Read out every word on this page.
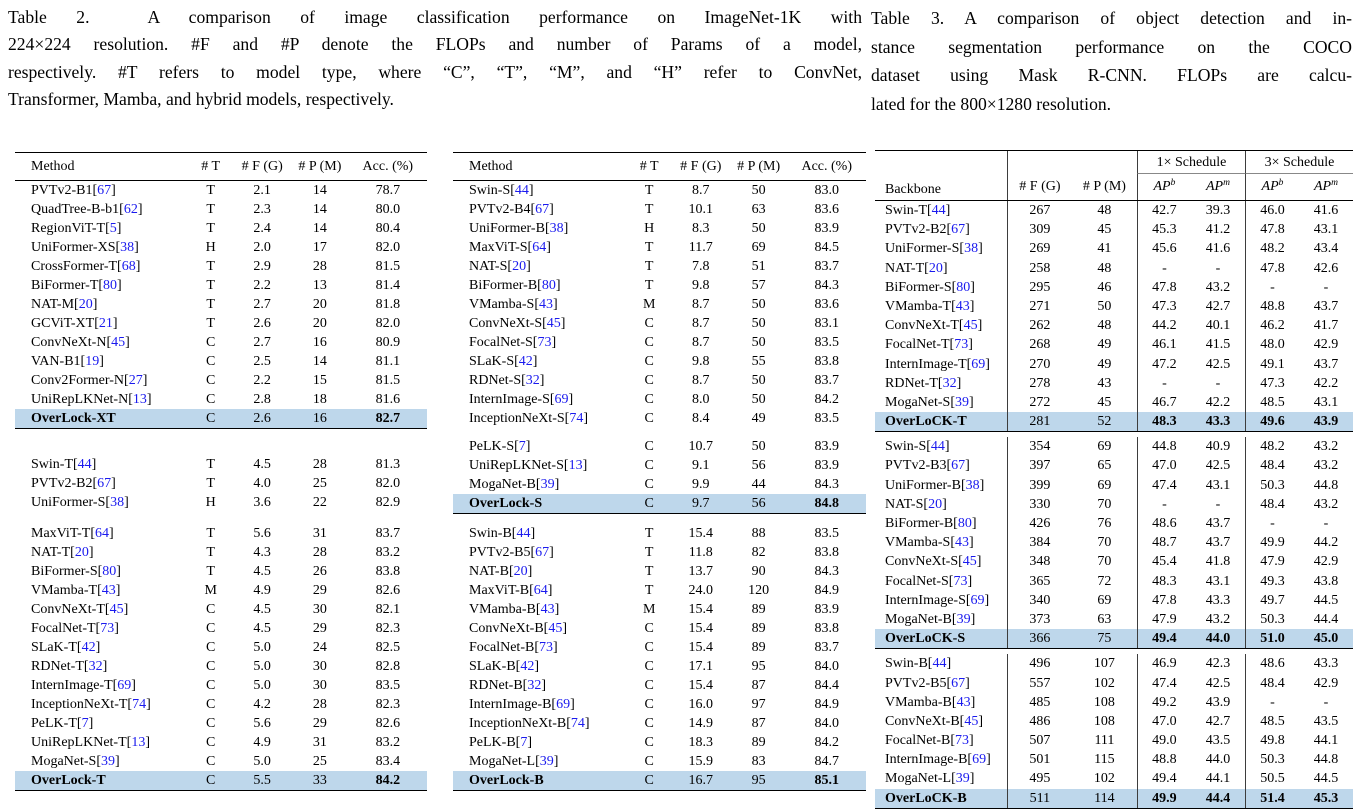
Table 2.  A comparison of image classification performance on ImageNet-1K with
224×224 resolution. #F and #P denote the FLOPs and number of Params of a model,
respectively. #T refers to model type, where “C”, “T”, “M”, and “H” refer to ConvNet,
Transformer, Mamba, and hybrid models, respectively.
Table 3. A comparison of object detection and in-
stance segmentation performance on the COCO
dataset using Mask R-CNN. FLOPs are calcu-
lated for the 800×1280 resolution.
Method	# T	# F (G)	# P (M)	Acc. (%)
PVTv2-B1[67]	T	2.1	14	78.7
QuadTree-B-b1[62]	T	2.3	14	80.0
RegionViT-T[5]	T	2.4	14	80.4
UniFormer-XS[38]	H	2.0	17	82.0
CrossFormer-T[68]	T	2.9	28	81.5
BiFormer-T[80]	T	2.2	13	81.4
NAT-M[20]	T	2.7	20	81.8
GCViT-XT[21]	T	2.6	20	82.0
ConvNeXt-N[45]	C	2.7	16	80.9
VAN-B1[19]	C	2.5	14	81.1
Conv2Former-N[27]	C	2.2	15	81.5
UniRepLKNet-N[13]	C	2.8	18	81.6
OverLock-XT	C	2.6	16	82.7
Swin-T[44]	T	4.5	28	81.3
PVTv2-B2[67]	T	4.0	25	82.0
UniFormer-S[38]	H	3.6	22	82.9
MaxViT-T[64]	T	5.6	31	83.7
NAT-T[20]	T	4.3	28	83.2
BiFormer-S[80]	T	4.5	26	83.8
VMamba-T[43]	M	4.9	29	82.6
ConvNeXt-T[45]	C	4.5	30	82.1
FocalNet-T[73]	C	4.5	29	82.3
SLaK-T[42]	C	5.0	24	82.5
RDNet-T[32]	C	5.0	30	82.8
InternImage-T[69]	C	5.0	30	83.5
InceptionNeXt-T[74]	C	4.2	28	82.3
PeLK-T[7]	C	5.6	29	82.6
UniRepLKNet-T[13]	C	4.9	31	83.2
MogaNet-S[39]	C	5.0	25	83.4
OverLock-T	C	5.5	33	84.2
Method	# T	# F (G)	# P (M)	Acc. (%)
Swin-S[44]	T	8.7	50	83.0
PVTv2-B4[67]	T	10.1	63	83.6
UniFormer-B[38]	H	8.3	50	83.9
MaxViT-S[64]	T	11.7	69	84.5
NAT-S[20]	T	7.8	51	83.7
BiFormer-B[80]	T	9.8	57	84.3
VMamba-S[43]	M	8.7	50	83.6
ConvNeXt-S[45]	C	8.7	50	83.1
FocalNet-S[73]	C	8.7	50	83.5
SLaK-S[42]	C	9.8	55	83.8
RDNet-S[32]	C	8.7	50	83.7
InternImage-S[69]	C	8.0	50	84.2
InceptionNeXt-S[74]	C	8.4	49	83.5
PeLK-S[7]	C	10.7	50	83.9
UniRepLKNet-S[13]	C	9.1	56	83.9
MogaNet-B[39]	C	9.9	44	84.3
OverLock-S	C	9.7	56	84.8
Swin-B[44]	T	15.4	88	83.5
PVTv2-B5[67]	T	11.8	82	83.8
NAT-B[20]	T	13.7	90	84.3
MaxViT-B[64]	T	24.0	120	84.9
VMamba-B[43]	M	15.4	89	83.9
ConvNeXt-B[45]	C	15.4	89	83.8
FocalNet-B[73]	C	15.4	89	83.7
SLaK-B[42]	C	17.1	95	84.0
RDNet-B[32]	C	15.4	87	84.4
InternImage-B[69]	C	16.0	97	84.9
InceptionNeXt-B[74]	C	14.9	87	84.0
PeLK-B[7]	C	18.3	89	84.2
MogaNet-L[39]	C	15.9	83	84.7
OverLock-B	C	16.7	95	85.1
Backbone
1× Schedule	3× Schedule
# F (G)	# P (M)	$AP^b$	$AP^m$	$AP^b$	$AP^m$
Swin-T[44]	267	48	42.7	39.3	46.0	41.6
PVTv2-B2[67]	309	45	45.3	41.2	47.8	43.1
UniFormer-S[38]	269	41	45.6	41.6	48.2	43.4
NAT-T[20]	258	48	-	-	47.8	42.6
BiFormer-S[80]	295	46	47.8	43.2	-	-
VMamba-T[43]	271	50	47.3	42.7	48.8	43.7
ConvNeXt-T[45]	262	48	44.2	40.1	46.2	41.7
FocalNet-T[73]	268	49	46.1	41.5	48.0	42.9
InternImage-T[69]	270	49	47.2	42.5	49.1	43.7
RDNet-T[32]	278	43	-	-	47.3	42.2
MogaNet-S[39]	272	45	46.7	42.2	48.5	43.1
OverLoCK-T	281	52	48.3	43.3	49.6	43.9
Swin-S[44]	354	69	44.8	40.9	48.2	43.2
PVTv2-B3[67]	397	65	47.0	42.5	48.4	43.2
UniFormer-B[38]	399	69	47.4	43.1	50.3	44.8
NAT-S[20]	330	70	-	-	48.4	43.2
BiFormer-B[80]	426	76	48.6	43.7	-	-
VMamba-S[43]	384	70	48.7	43.7	49.9	44.2
ConvNeXt-S[45]	348	70	45.4	41.8	47.9	42.9
FocalNet-S[73]	365	72	48.3	43.1	49.3	43.8
InternImage-S[69]	340	69	47.8	43.3	49.7	44.5
MogaNet-B[39]	373	63	47.9	43.2	50.3	44.4
OverLoCK-S	366	75	49.4	44.0	51.0	45.0
Swin-B[44]	496	107	46.9	42.3	48.6	43.3
PVTv2-B5[67]	557	102	47.4	42.5	48.4	42.9
VMamba-B[43]	485	108	49.2	43.9	-	-
ConvNeXt-B[45]	486	108	47.0	42.7	48.5	43.5
FocalNet-B[73]	507	111	49.0	43.5	49.8	44.1
InternImage-B[69]	501	115	48.8	44.0	50.3	44.8
MogaNet-L[39]	495	102	49.4	44.1	50.5	44.5
OverLoCK-B	511	114	49.9	44.4	51.4	45.3
